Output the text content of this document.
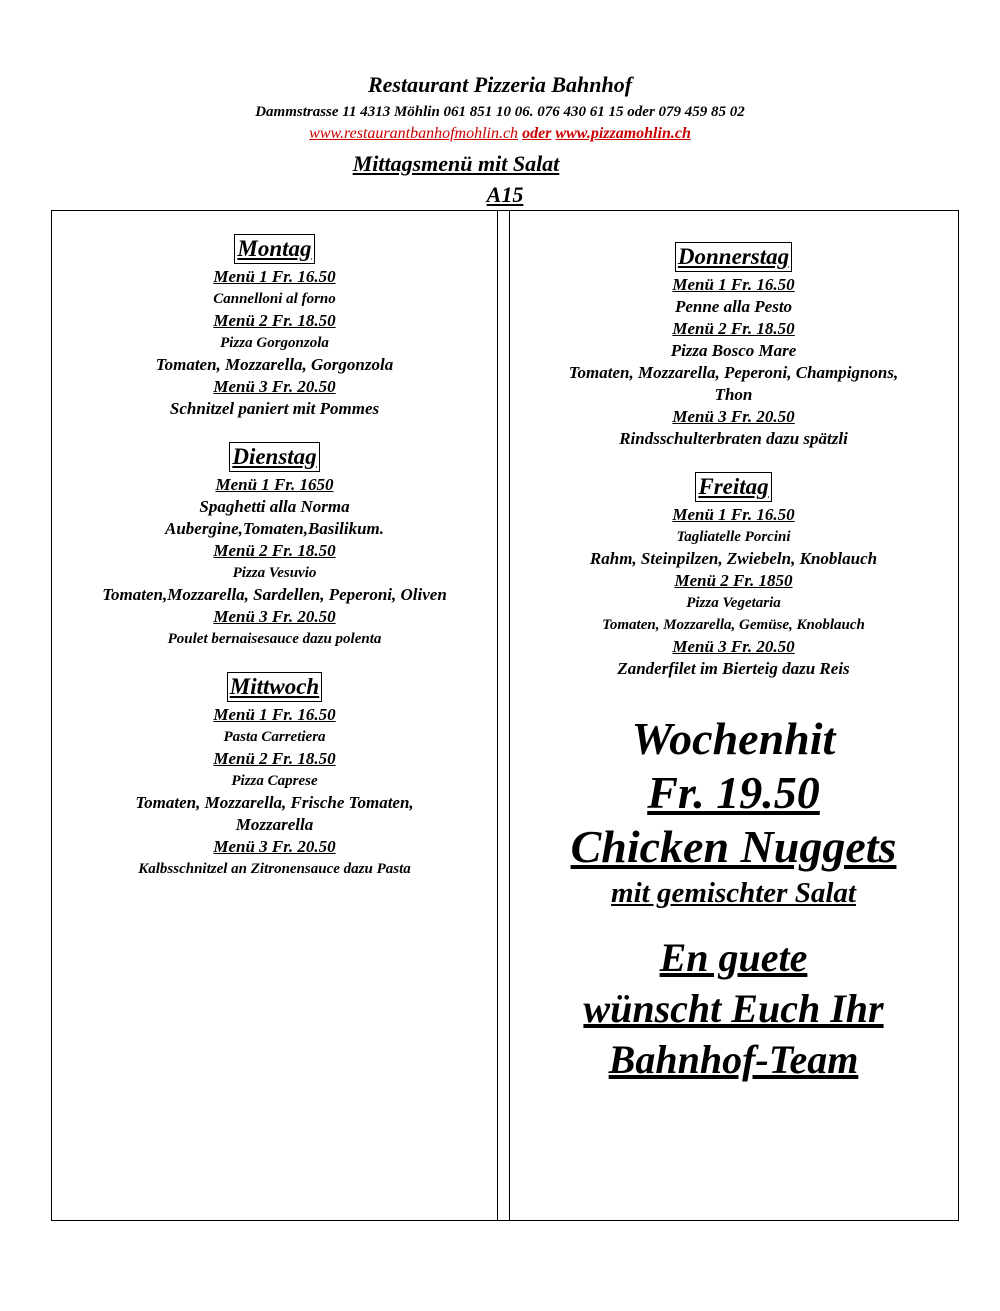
Restaurant Pizzeria Bahnhof
Dammstrasse 11 4313 Möhlin 061 851 10 06. 076 430 61 15 oder 079 459 85 02
www.restaurantbanhofmohlin.ch oder www.pizzamohlin.ch
Mittagsmenü mit Salat
A15
Montag
Menü 1 Fr. 16.50
Cannelloni al forno
Menü 2 Fr. 18.50
Pizza Gorgonzola
Tomaten, Mozzarella, Gorgonzola
Menü 3 Fr. 20.50
Schnitzel paniert mit Pommes
Dienstag
Menü 1 Fr. 1650
Spaghetti alla Norma
Aubergine,Tomaten,Basilikum.
Menü 2 Fr. 18.50
Pizza Vesuvio
Tomaten,Mozzarella, Sardellen, Peperoni, Oliven
Menü 3 Fr. 20.50
Poulet bernaisesauce dazu polenta
Mittwoch
Menü 1 Fr. 16.50
Pasta Carretiera
Menü 2 Fr. 18.50
Pizza Caprese
Tomaten, Mozzarella, Frische Tomaten,
Mozzarella
Menü 3 Fr. 20.50
Kalbsschnitzel an Zitronensauce dazu Pasta
Donnerstag
Menü 1 Fr. 16.50
Penne alla Pesto
Menü 2 Fr. 18.50
Pizza Bosco Mare
Tomaten, Mozzarella, Peperoni, Champignons,
Thon
Menü 3 Fr. 20.50
Rindsschulterbraten dazu spätzli
Freitag
Menü 1 Fr. 16.50
Tagliatelle Porcini
Rahm, Steinpilzen, Zwiebeln, Knoblauch
Menü 2 Fr. 1850
Pizza Vegetaria
Tomaten, Mozzarella, Gemüse, Knoblauch
Menü 3 Fr. 20.50
Zanderfilet im Bierteig dazu Reis
Wochenhit
Fr. 19.50
Chicken Nuggets
mit gemischter Salat
En guete
wünscht Euch Ihr
Bahnhof-Team
